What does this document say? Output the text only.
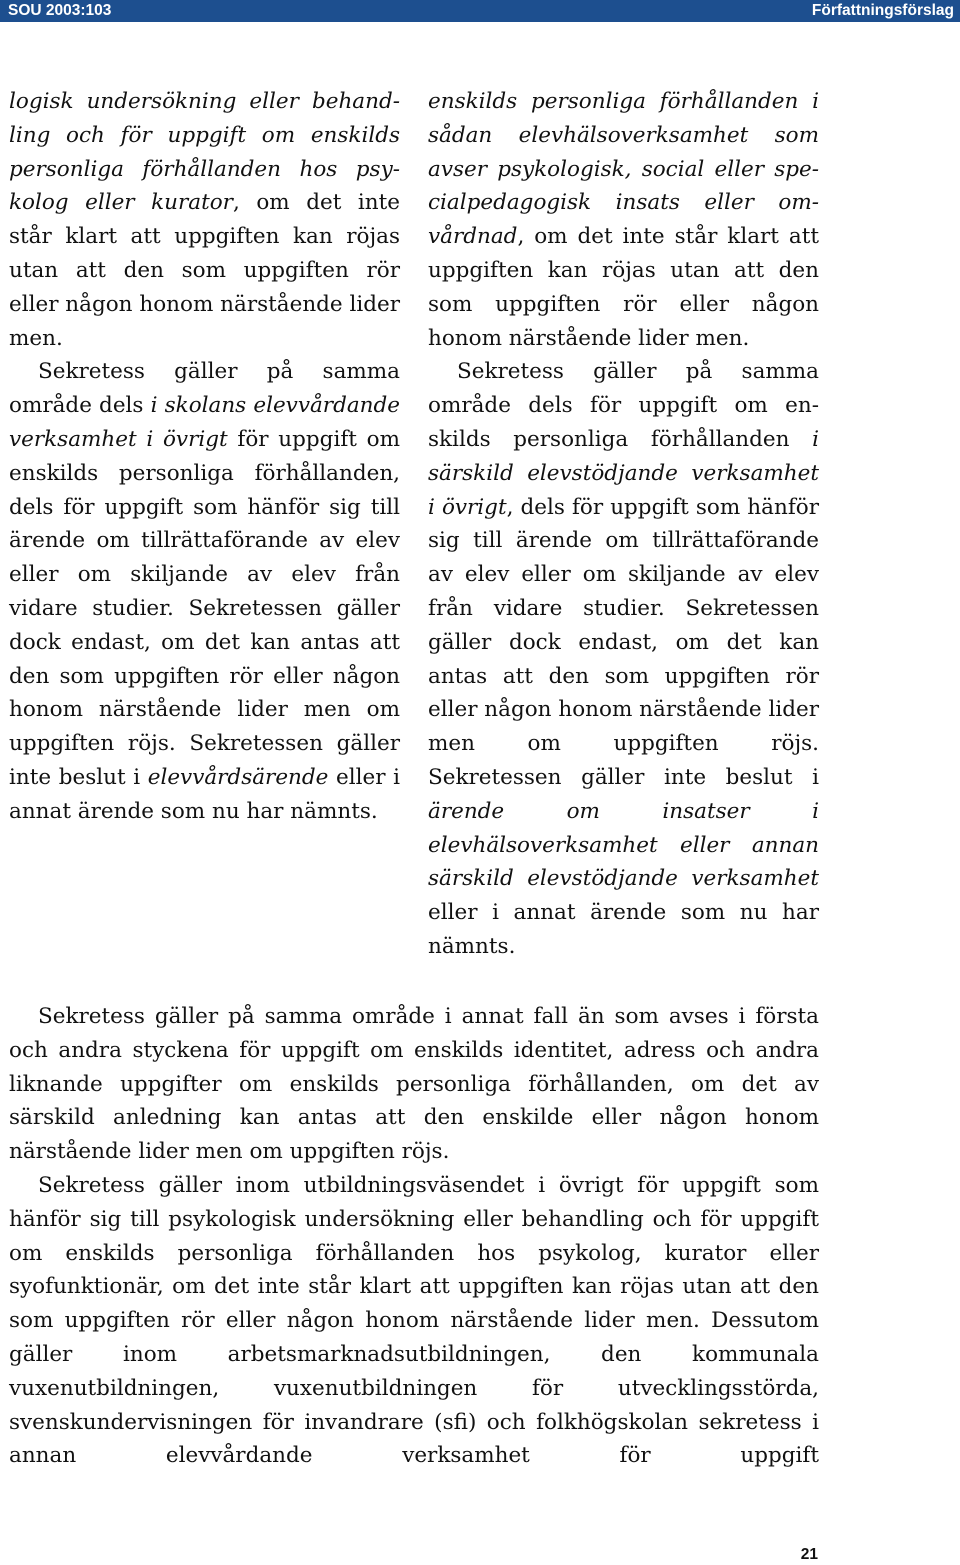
SOU 2003:103	Författningsförslag

logisk undersökning eller behandling och för uppgift om enskilds personliga förhållanden hos psykolog eller kurator, om det inte står klart att uppgiften kan röjas utan att den som uppgiften rör eller någon honom närstående lider men.

Sekretess gäller på samma område dels i skolans elevvårdande verksamhet i övrigt för uppgift om enskilds personliga förhållanden, dels för uppgift som hänför sig till ärende om tillrättaförande av elev eller om skiljande av elev från vidare studier. Sekretessen gäller dock endast, om det kan antas att den som uppgiften rör eller någon honom närstående lider men om uppgiften röjs. Sekretessen gäller inte beslut i elevvårdsärende eller i annat ärende som nu har nämnts.

enskilds personliga förhållanden i sådan elevhälsoverksamhet som avser psykologisk, social eller specialpedagogisk insats eller omvårdnad, om det inte står klart att uppgiften kan röjas utan att den som uppgiften rör eller någon honom närstående lider men.

Sekretess gäller på samma område dels för uppgift om enskilds personliga förhållanden i särskild elevstödjande verksamhet i övrigt, dels för uppgift som hänför sig till ärende om tillrättaförande av elev eller om skiljande av elev från vidare studier. Sekretessen gäller dock endast, om det kan antas att den som uppgiften rör eller någon honom närstående lider men om uppgiften röjs. Sekretessen gäller inte beslut i ärende om insatser i elevhälsoverksamhet eller annan särskild elevstödjande verksamhet eller i annat ärende som nu har nämnts.

Sekretess gäller på samma område i annat fall än som avses i första och andra styckena för uppgift om enskilds identitet, adress och andra liknande uppgifter om enskilds personliga förhållanden, om det av särskild anledning kan antas att den enskilde eller någon honom närstående lider men om uppgiften röjs.

Sekretess gäller inom utbildningsväsendet i övrigt för uppgift som hänför sig till psykologisk undersökning eller behandling och för uppgift om enskilds personliga förhållanden hos psykolog, kurator eller syofunktionär, om det inte står klart att uppgiften kan röjas utan att den som uppgiften rör eller någon honom närstående lider men. Dessutom gäller inom arbetsmarknadsutbildningen, den kommunala vuxenutbildningen, vuxenutbildningen för utvecklingsstörda, svenskundervisningen för invandrare (sfi) och folkhögskolan sekretess i annan elevvårdande verksamhet för uppgift

21
